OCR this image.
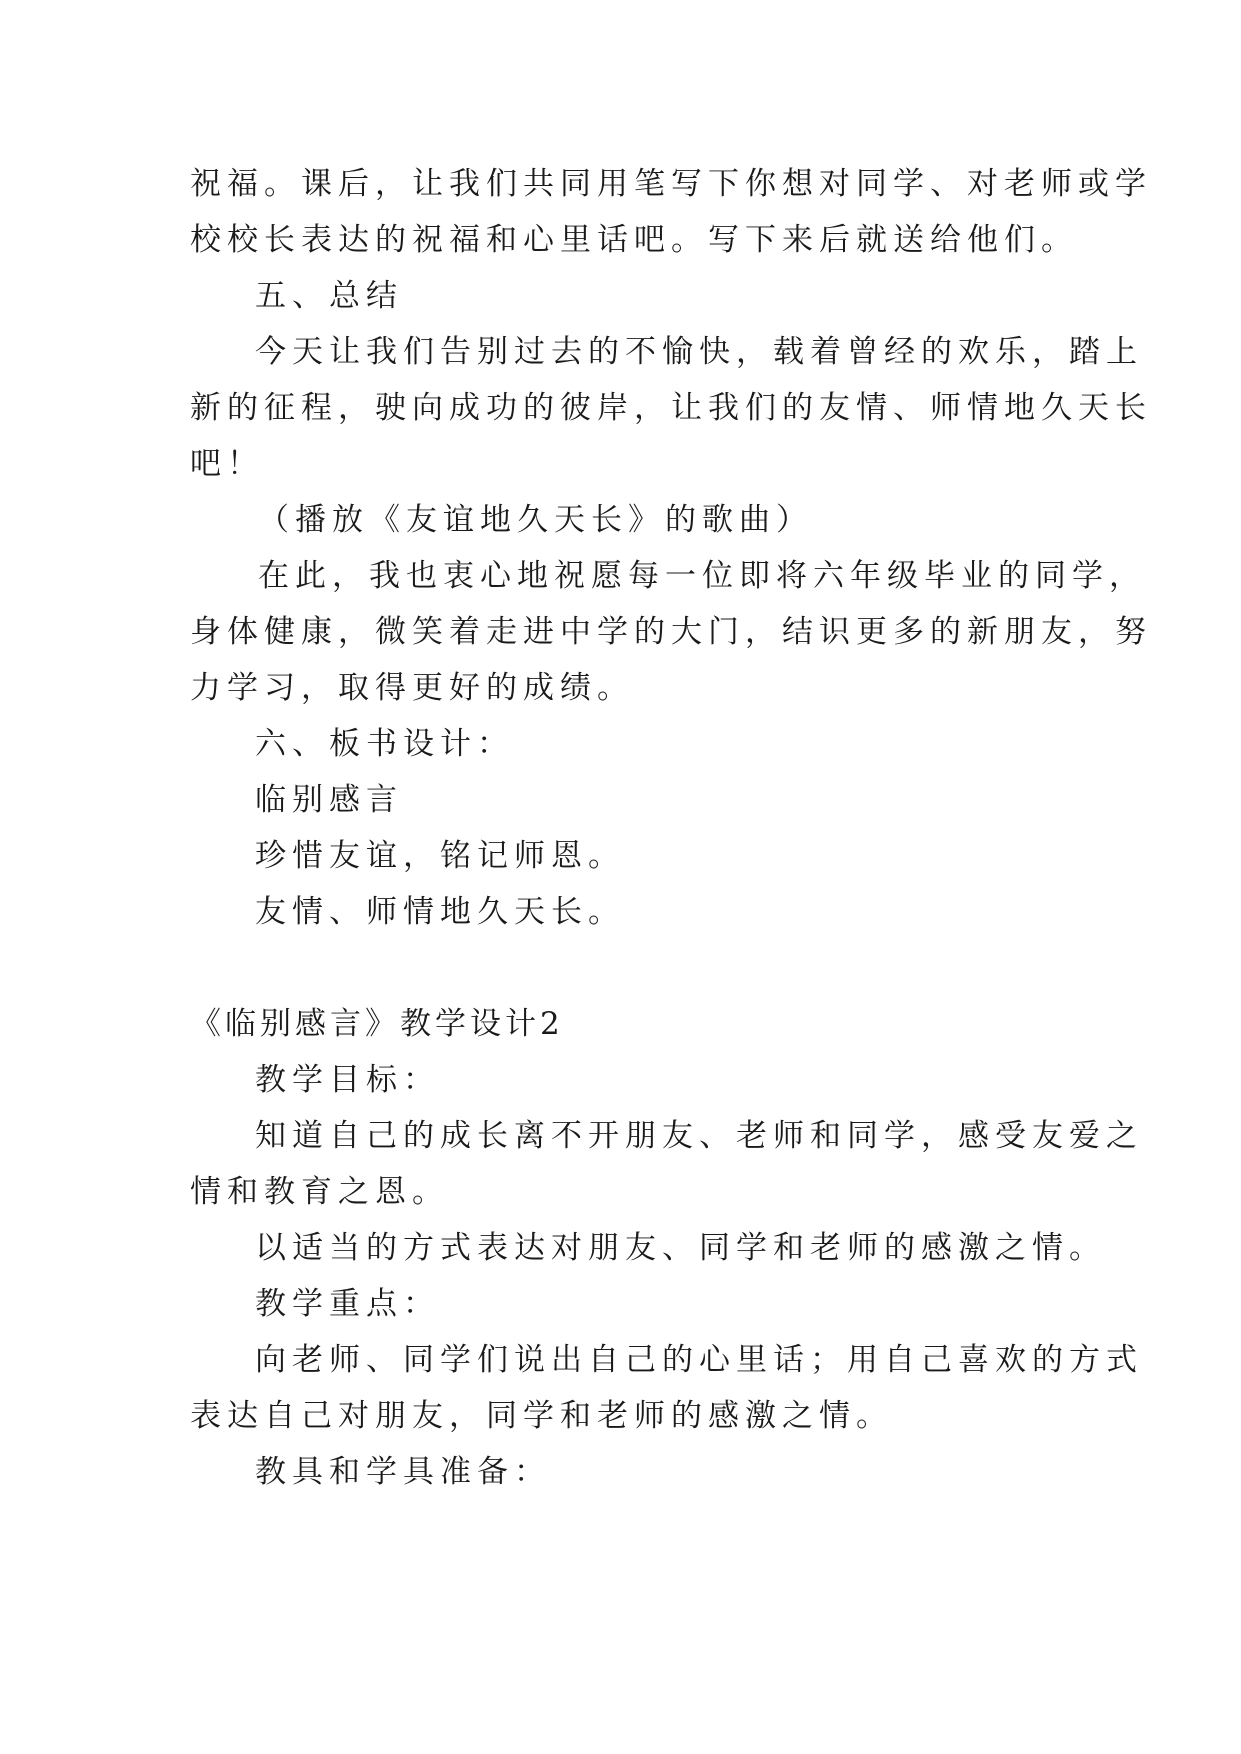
祝福。课后，让我们共同用笔写下你想对同学、对老师或学
校校长表达的祝福和心里话吧。写下来后就送给他们。
五、总结
今天让我们告别过去的不愉快，载着曾经的欢乐，踏上
新的征程，驶向成功的彼岸，让我们的友情、师情地久天长
吧！
（播放《友谊地久天长》的歌曲）
在此，我也衷心地祝愿每一位即将六年级毕业的同学，
身体健康，微笑着走进中学的大门，结识更多的新朋友，努
力学习，取得更好的成绩。
六、板书设计：
临别感言
珍惜友谊，铭记师恩。
友情、师情地久天长。
《临别感言》教学设计2
教学目标：
知道自己的成长离不开朋友、老师和同学，感受友爱之
情和教育之恩。
以适当的方式表达对朋友、同学和老师的感激之情。
教学重点：
向老师、同学们说出自己的心里话；用自己喜欢的方式
表达自己对朋友，同学和老师的感激之情。
教具和学具准备：
